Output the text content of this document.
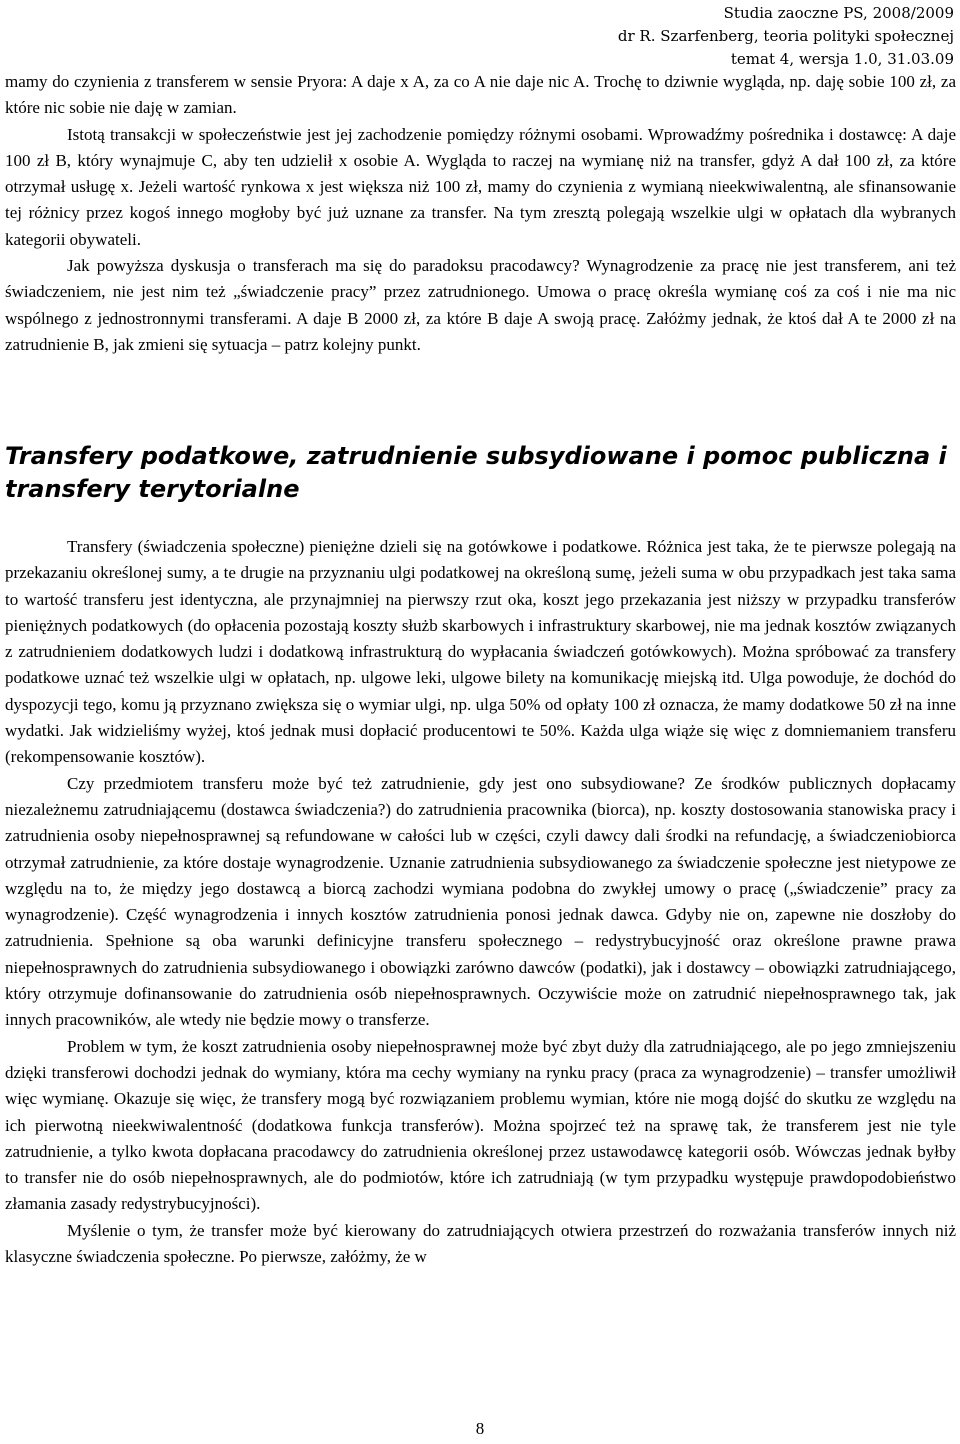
Studia zaoczne PS, 2008/2009
dr R. Szarfenberg, teoria polityki społecznej
temat 4, wersja 1.0, 31.03.09

mamy do czynienia z transferem w sensie Pryora: A daje x A, za co A nie daje nic A. Trochę to dziwnie wygląda, np. daję sobie 100 zł, za które nic sobie nie daję w zamian.

Istotą transakcji w społeczeństwie jest jej zachodzenie pomiędzy różnymi osobami. Wprowadźmy pośrednika i dostawcę: A daje 100 zł B, który wynajmuje C, aby ten udzielił x osobie A. Wygląda to raczej na wymianę niż na transfer, gdyż A dał 100 zł, za które otrzymał usługę x. Jeżeli wartość rynkowa x jest większa niż 100 zł, mamy do czynienia z wymianą nieekwiwalentną, ale sfinansowanie tej różnicy przez kogoś innego mogłoby być już uznane za transfer. Na tym zresztą polegają wszelkie ulgi w opłatach dla wybranych kategorii obywateli.

Jak powyższa dyskusja o transferach ma się do paradoksu pracodawcy? Wynagrodzenie za pracę nie jest transferem, ani też świadczeniem, nie jest nim też „świadczenie pracy” przez zatrudnionego. Umowa o pracę określa wymianę coś za coś i nie ma nic wspólnego z jednostronnymi transferami. A daje B 2000 zł, za które B daje A swoją pracę. Załóżmy jednak, że ktoś dał A te 2000 zł na zatrudnienie B, jak zmieni się sytuacja – patrz kolejny punkt.

Transfery podatkowe, zatrudnienie subsydiowane i pomoc publiczna i transfery terytorialne

Transfery (świadczenia społeczne) pieniężne dzieli się na gotówkowe i podatkowe. Różnica jest taka, że te pierwsze polegają na przekazaniu określonej sumy, a te drugie na przyznaniu ulgi podatkowej na określoną sumę, jeżeli suma w obu przypadkach jest taka sama to wartość transferu jest identyczna, ale przynajmniej na pierwszy rzut oka, koszt jego przekazania jest niższy w przypadku transferów pieniężnych podatkowych (do opłacenia pozostają koszty służb skarbowych i infrastruktury skarbowej, nie ma jednak kosztów związanych z zatrudnieniem dodatkowych ludzi i dodatkową infrastrukturą do wypłacania świadczeń gotówkowych). Można spróbować za transfery podatkowe uznać też wszelkie ulgi w opłatach, np. ulgowe leki, ulgowe bilety na komunikację miejską itd. Ulga powoduje, że dochód do dyspozycji tego, komu ją przyznano zwiększa się o wymiar ulgi, np. ulga 50% od opłaty 100 zł oznacza, że mamy dodatkowe 50 zł na inne wydatki. Jak widzieliśmy wyżej, ktoś jednak musi dopłacić producentowi te 50%. Każda ulga wiąże się więc z domniemaniem transferu (rekompensowanie kosztów).

Czy przedmiotem transferu może być też zatrudnienie, gdy jest ono subsydiowane? Ze środków publicznych dopłacamy niezależnemu zatrudniającemu (dostawca świadczenia?) do zatrudnienia pracownika (biorca), np. koszty dostosowania stanowiska pracy i zatrudnienia osoby niepełnosprawnej są refundowane w całości lub w części, czyli dawcy dali środki na refundację, a świadczeniobiorca otrzymał zatrudnienie, za które dostaje wynagrodzenie. Uznanie zatrudnienia subsydiowanego za świadczenie społeczne jest nietypowe ze względu na to, że między jego dostawcą a biorcą zachodzi wymiana podobna do zwykłej umowy o pracę („świadczenie” pracy za wynagrodzenie). Część wynagrodzenia i innych kosztów zatrudnienia ponosi jednak dawca. Gdyby nie on, zapewne nie doszłoby do zatrudnienia. Spełnione są oba warunki definicyjne transferu społecznego – redystrybucyjność oraz określone prawne prawa niepełnosprawnych do zatrudnienia subsydiowanego i obowiązki zarówno dawców (podatki), jak i dostawcy – obowiązki zatrudniającego, który otrzymuje dofinansowanie do zatrudnienia osób niepełnosprawnych. Oczywiście może on zatrudnić niepełnosprawnego tak, jak innych pracowników, ale wtedy nie będzie mowy o transferze.

Problem w tym, że koszt zatrudnienia osoby niepełnosprawnej może być zbyt duży dla zatrudniającego, ale po jego zmniejszeniu dzięki transferowi dochodzi jednak do wymiany, która ma cechy wymiany na rynku pracy (praca za wynagrodzenie) – transfer umożliwił więc wymianę. Okazuje się więc, że transfery mogą być rozwiązaniem problemu wymian, które nie mogą dojść do skutku ze względu na ich pierwotną nieekwiwalentność (dodatkowa funkcja transferów). Można spojrzeć też na sprawę tak, że transferem jest nie tyle zatrudnienie, a tylko kwota dopłacana pracodawcy do zatrudnienia określonej przez ustawodawcę kategorii osób. Wówczas jednak byłby to transfer nie do osób niepełnosprawnych, ale do podmiotów, które ich zatrudniają (w tym przypadku występuje prawdopodobieństwo złamania zasady redystrybucyjności).

Myślenie o tym, że transfer może być kierowany do zatrudniających otwiera przestrzeń do rozważania transferów innych niż klasyczne świadczenia społeczne. Po pierwsze, załóżmy, że w

8
